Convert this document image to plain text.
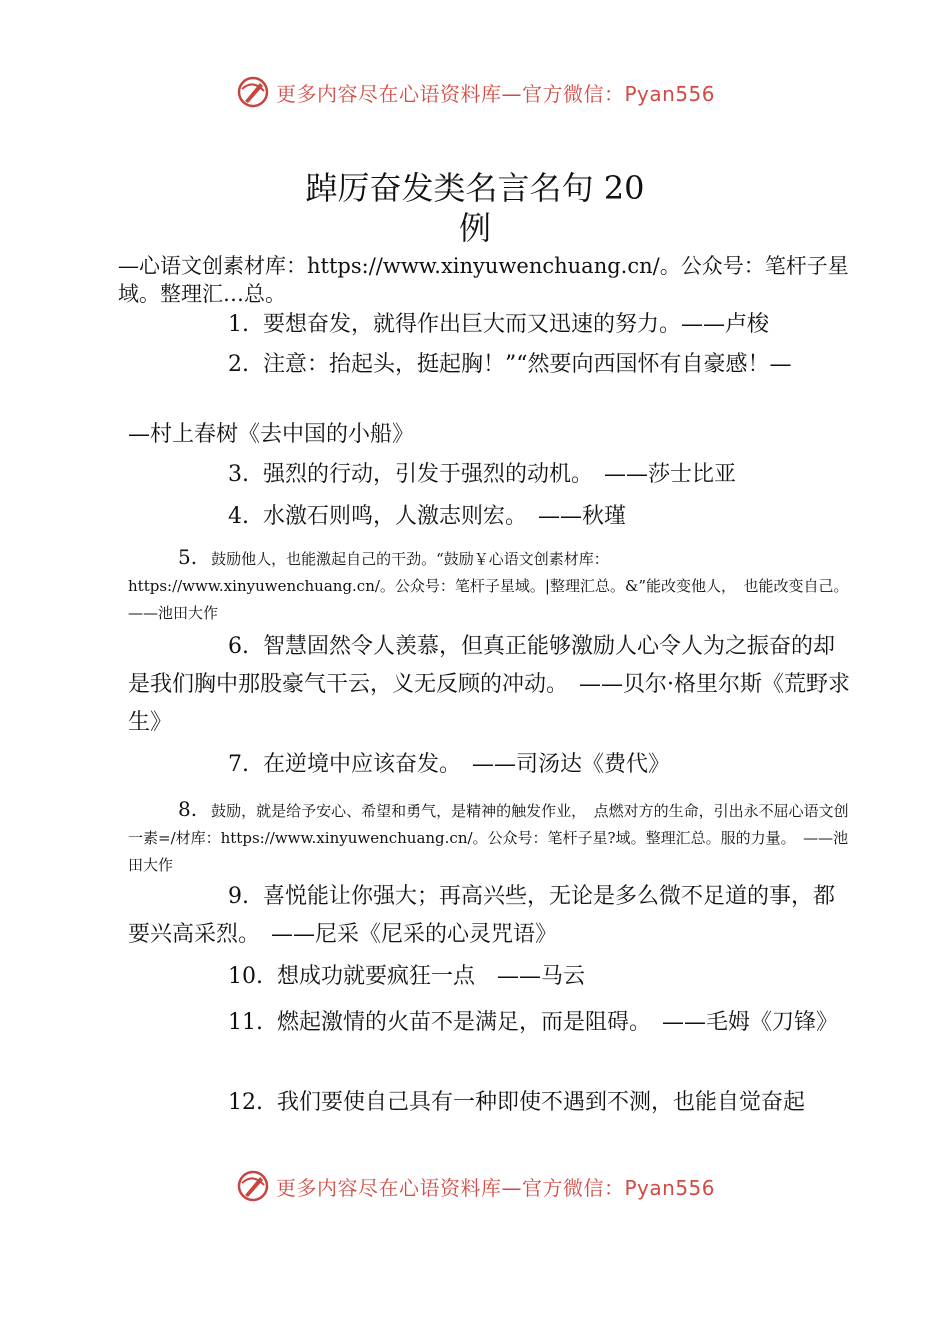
更多内容尽在心语资料库—官方微信：Pyan556
踔厉奋发类名言名句 20
例
—心语文创素材库：https://www.xinyuwenchuang.cn/。公众号：笔杆子星域。整理汇…总。
1. 要想奋发，就得作出巨大而又迅速的努力。——卢梭
2. 注意：抬起头，挺起胸！”“然要向西国怀有自豪感！—
—村上春树《去中国的小船》
3. 强烈的行动，引发于强烈的动机。　——莎士比亚
4. 水激石则鸣，人激志则宏。　——秋瑾
5. 鼓励他人，也能激起自己的干劲。“鼓励￥心语文创素材库：https://www.xinyuwenchuang.cn/。公众号：笔杆子星域。|整理汇总。&”能改变他人，　也能改变自己。　——池田大作
6. 智慧固然令人羡慕，但真正能够激励人心令人为之振奋的却是我们胸中那股豪气干云，义无反顾的冲动。　——贝尔·格里尔斯《荒野求生》
7. 在逆境中应该奋发。　——司汤达《费代》
8. 鼓励，就是给予安心、希望和勇气，是精神的触发作业，　点燃对方的生命，引出永不屈心语文创一素=/材库：https://www.xinyuwenchuang.cn/。公众号：笔杆子星?域。整理汇总。服的力量。　——池田大作
9. 喜悦能让你强大；再高兴些，无论是多么微不足道的事，都要兴高采烈。　——尼采《尼采的心灵咒语》
10. 想成功就要疯狂一点　——马云
11. 燃起激情的火苗不是满足，而是阻碍。　——毛姆《刀锋》
12. 我们要使自己具有一种即使不遇到不测，也能自觉奋起
更多内容尽在心语资料库—官方微信：Pyan556
